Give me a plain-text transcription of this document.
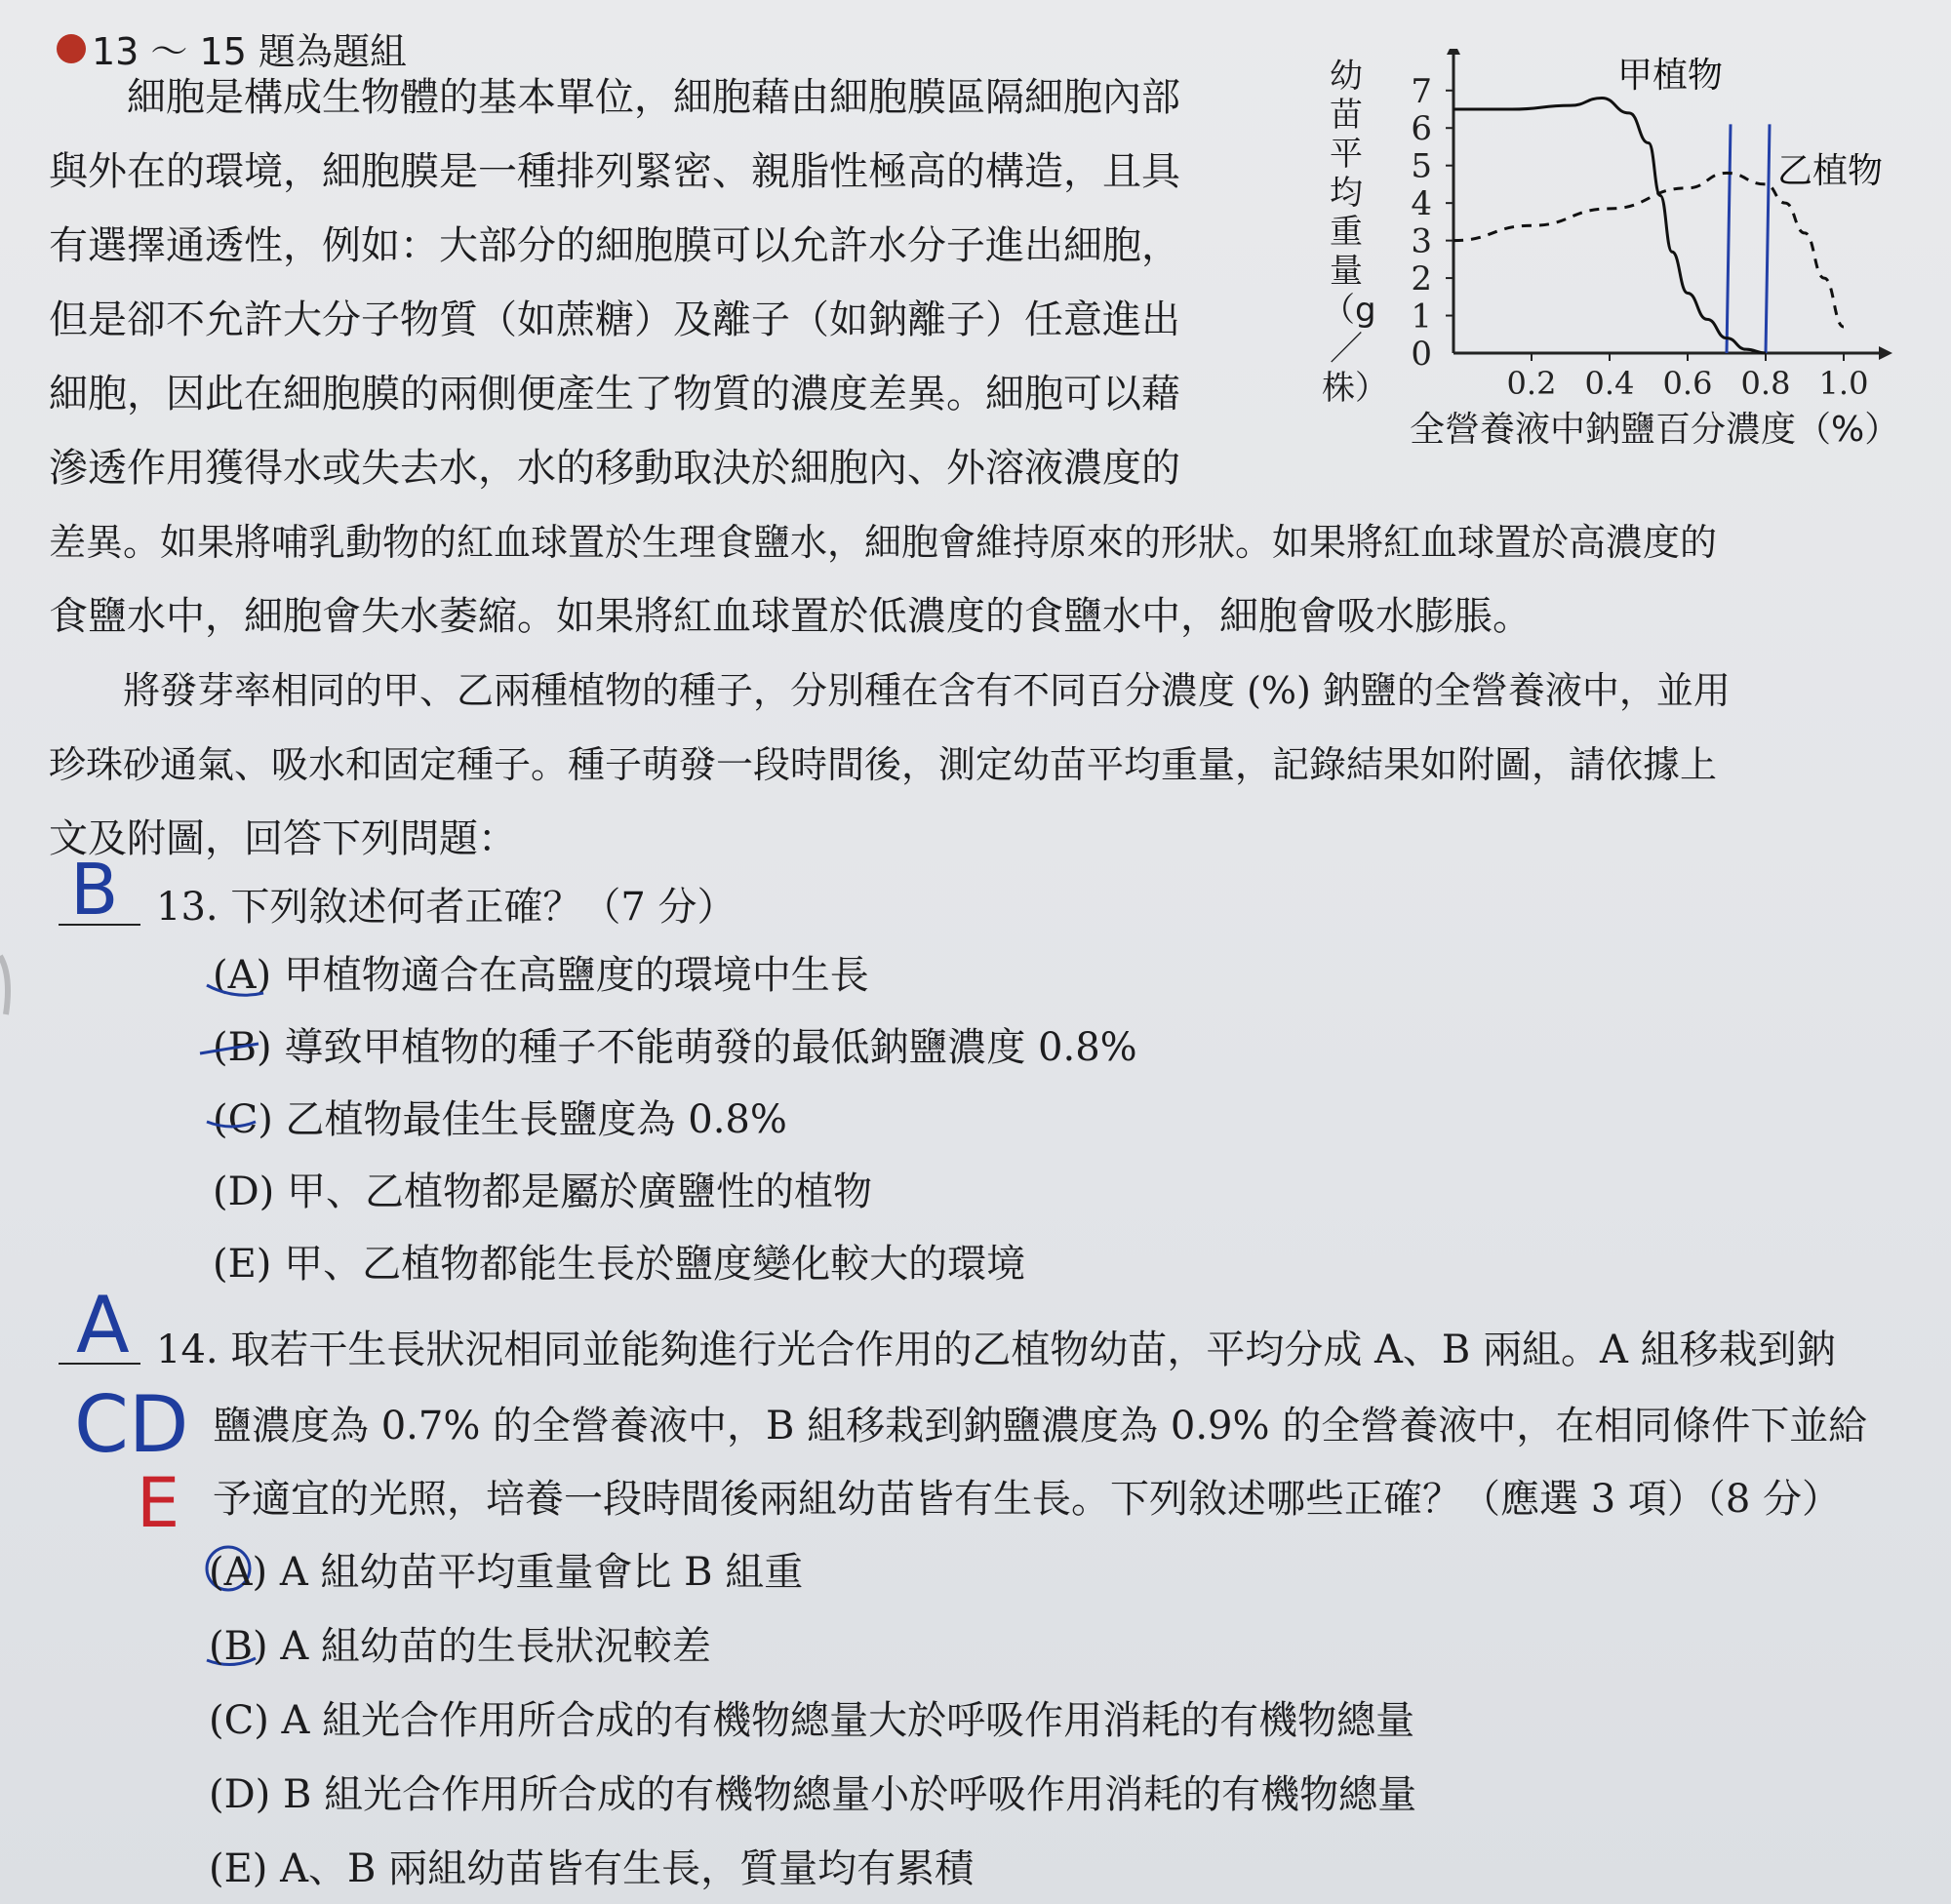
13 ～ 15 題為題組
　　細胞是構成生物體的基本單位，細胞藉由細胞膜區隔細胞內部
與外在的環境，細胞膜是一種排列緊密、親脂性極高的構造，且具
有選擇通透性，例如：大部分的細胞膜可以允許水分子進出細胞，
但是卻不允許大分子物質（如蔗糖）及離子（如鈉離子）任意進出
細胞，因此在細胞膜的兩側便產生了物質的濃度差異。細胞可以藉
滲透作用獲得水或失去水，水的移動取決於細胞內、外溶液濃度的
差異。如果將哺乳動物的紅血球置於生理食鹽水，細胞會維持原來的形狀。如果將紅血球置於高濃度的
食鹽水中，細胞會失水萎縮。如果將紅血球置於低濃度的食鹽水中，細胞會吸水膨脹。
　　將發芽率相同的甲、乙兩種植物的種子，分別種在含有不同百分濃度 (%) 鈉鹽的全營養液中，並用
珍珠砂通氣、吸水和固定種子。種子萌發一段時間後，測定幼苗平均重量，記錄結果如附圖，請依據上
文及附圖，回答下列問題：
幼苗平均重量（g／株）
全營養液中鈉鹽百分濃度（%）
0
1
2
3
4
5
6
7
0.2 0.4 0.6 0.8 1.0
甲植物
乙植物
B 13. 下列敘述何者正確？（7 分）
(A) 甲植物適合在高鹽度的環境中生長
(B) 導致甲植物的種子不能萌發的最低鈉鹽濃度 0.8%
(C) 乙植物最佳生長鹽度為 0.8%
(D) 甲、乙植物都是屬於廣鹽性的植物
(E) 甲、乙植物都能生長於鹽度變化較大的環境
A
CD
E
14. 取若干生長狀況相同並能夠進行光合作用的乙植物幼苗，平均分成 A、B 兩組。A 組移栽到鈉
鹽濃度為 0.7% 的全營養液中，B 組移栽到鈉鹽濃度為 0.9% 的全營養液中，在相同條件下並給
予適宜的光照，培養一段時間後兩組幼苗皆有生長。下列敘述哪些正確？（應選 3 項）（8 分）
(A) A 組幼苗平均重量會比 B 組重
(B) A 組幼苗的生長狀況較差
(C) A 組光合作用所合成的有機物總量大於呼吸作用消耗的有機物總量
(D) B 組光合作用所合成的有機物總量小於呼吸作用消耗的有機物總量
(E) A、B 兩組幼苗皆有生長，質量均有累積
